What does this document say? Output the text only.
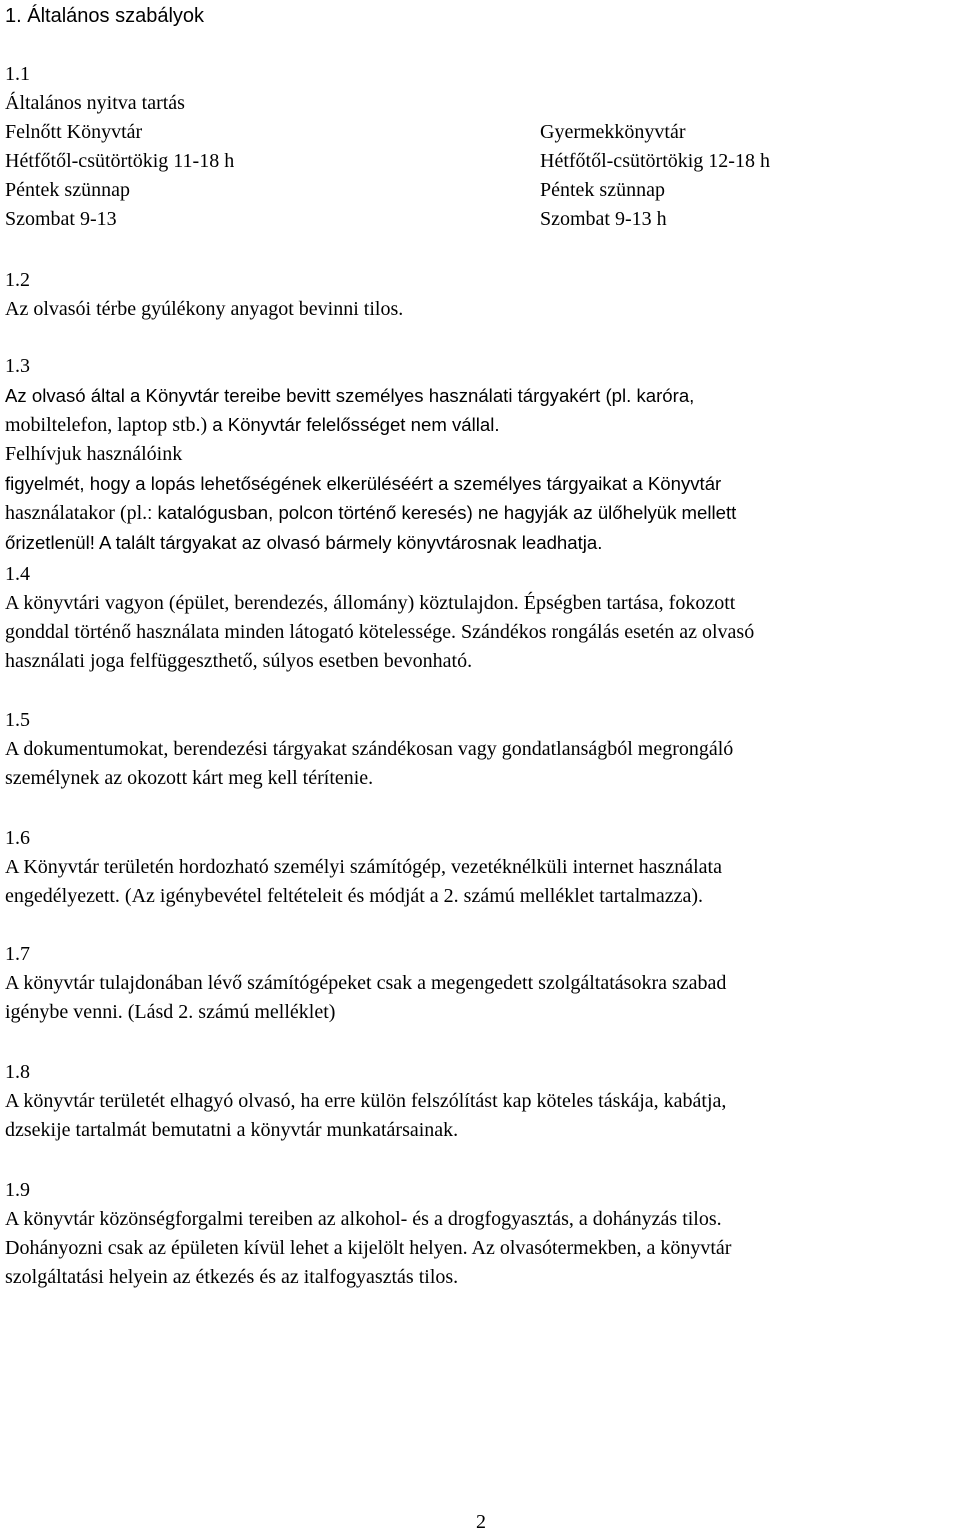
1. Általános szabályok
1.1
Általános nyitva tartás
Felnőtt Könyvtár
Hétfőtől-csütörtökig 11-18 h
Péntek szünnap
Szombat 9-13
Gyermekkönyvtár
Hétfőtől-csütörtökig 12-18 h
Péntek szünnap
Szombat 9-13 h
1.2
Az olvasói térbe gyúlékony anyagot bevinni tilos.
1.3
Az olvasó által a Könyvtár tereibe bevitt személyes használati tárgyakért (pl. karóra,
mobiltelefon, laptop stb.) a Könyvtár felelősséget nem vállal.
Felhívjuk használóink
figyelmét, hogy a lopás lehetőségének elkerüléséért a személyes tárgyaikat a Könyvtár
használatakor (pl.: katalógusban, polcon történő keresés) ne hagyják az ülőhelyük mellett
őrizetlenül! A talált tárgyakat az olvasó bármely könyvtárosnak leadhatja.
1.4
A könyvtári vagyon (épület, berendezés, állomány) köztulajdon. Épségben tartása, fokozott
gonddal történő használata minden látogató kötelessége. Szándékos rongálás esetén az olvasó
használati joga felfüggeszthető, súlyos esetben bevonható.
1.5
A dokumentumokat, berendezési tárgyakat szándékosan vagy gondatlanságból megrongáló
személynek az okozott kárt meg kell térítenie.
1.6
A Könyvtár területén hordozható személyi számítógép, vezetéknélküli internet használata
engedélyezett. (Az igénybevétel feltételeit és módját a 2. számú melléklet tartalmazza).
1.7
A könyvtár tulajdonában lévő számítógépeket csak a megengedett szolgáltatásokra szabad
igénybe venni. (Lásd 2. számú melléklet)
1.8
A könyvtár területét elhagyó olvasó, ha erre külön felszólítást kap köteles táskája, kabátja,
dzsekije tartalmát bemutatni a könyvtár munkatársainak.
1.9
A könyvtár közönségforgalmi tereiben az alkohol- és a drogfogyasztás, a dohányzás tilos.
Dohányozni csak az épületen kívül lehet a kijelölt helyen. Az olvasótermekben, a könyvtár
szolgáltatási helyein az étkezés és az italfogyasztás tilos.
2
